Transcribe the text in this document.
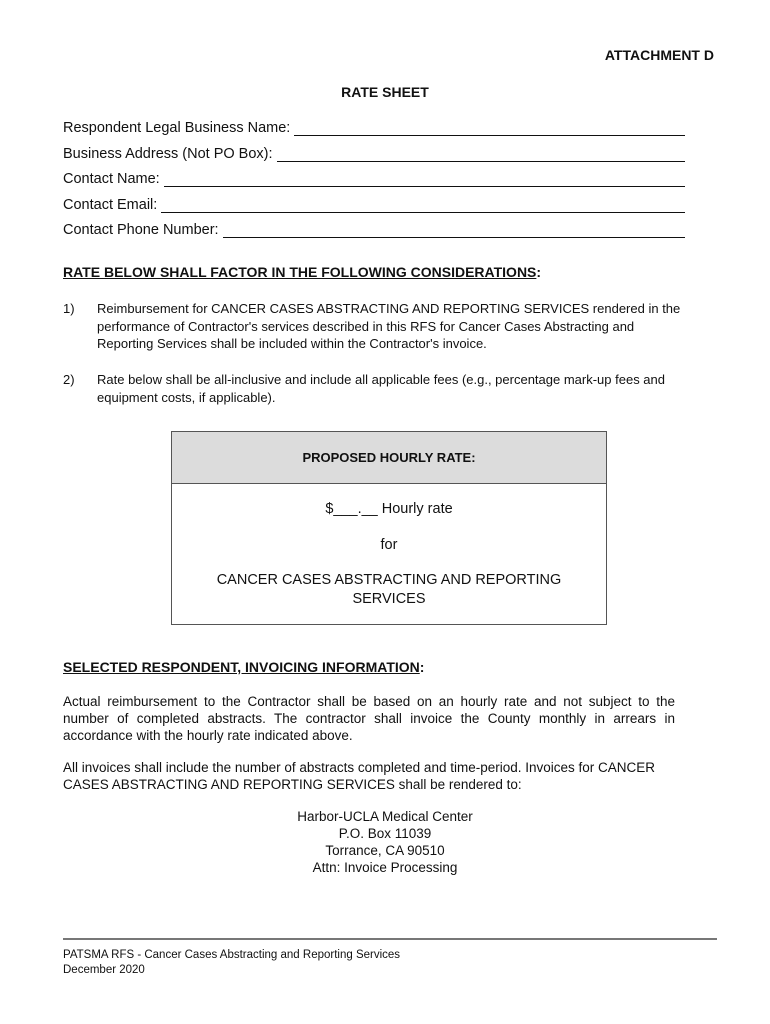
ATTACHMENT D
RATE SHEET
Respondent Legal Business Name:
Business Address (Not PO Box):
Contact Name:
Contact Email:
Contact Phone Number:
RATE BELOW SHALL FACTOR IN THE FOLLOWING CONSIDERATIONS:
1)	Reimbursement for CANCER CASES ABSTRACTING AND REPORTING SERVICES rendered in the performance of Contractor's services described in this RFS for Cancer Cases Abstracting and Reporting Services shall be included within the Contractor's invoice.
2)	Rate below shall be all-inclusive and include all applicable fees (e.g., percentage mark-up fees and equipment costs, if applicable).
PROPOSED HOURLY RATE:
$___.__ Hourly rate
for
CANCER CASES ABSTRACTING AND REPORTING
SERVICES
SELECTED RESPONDENT, INVOICING INFORMATION:
Actual reimbursement to the Contractor shall be based on an hourly rate and not subject to the number of completed abstracts. The contractor shall invoice the County monthly in arrears in accordance with the hourly rate indicated above.
All invoices shall include the number of abstracts completed and time-period. Invoices for CANCER CASES ABSTRACTING AND REPORTING SERVICES shall be rendered to:
Harbor-UCLA Medical Center
P.O. Box 11039
Torrance, CA 90510
Attn: Invoice Processing
PATSMA RFS - Cancer Cases Abstracting and Reporting Services
December 2020
